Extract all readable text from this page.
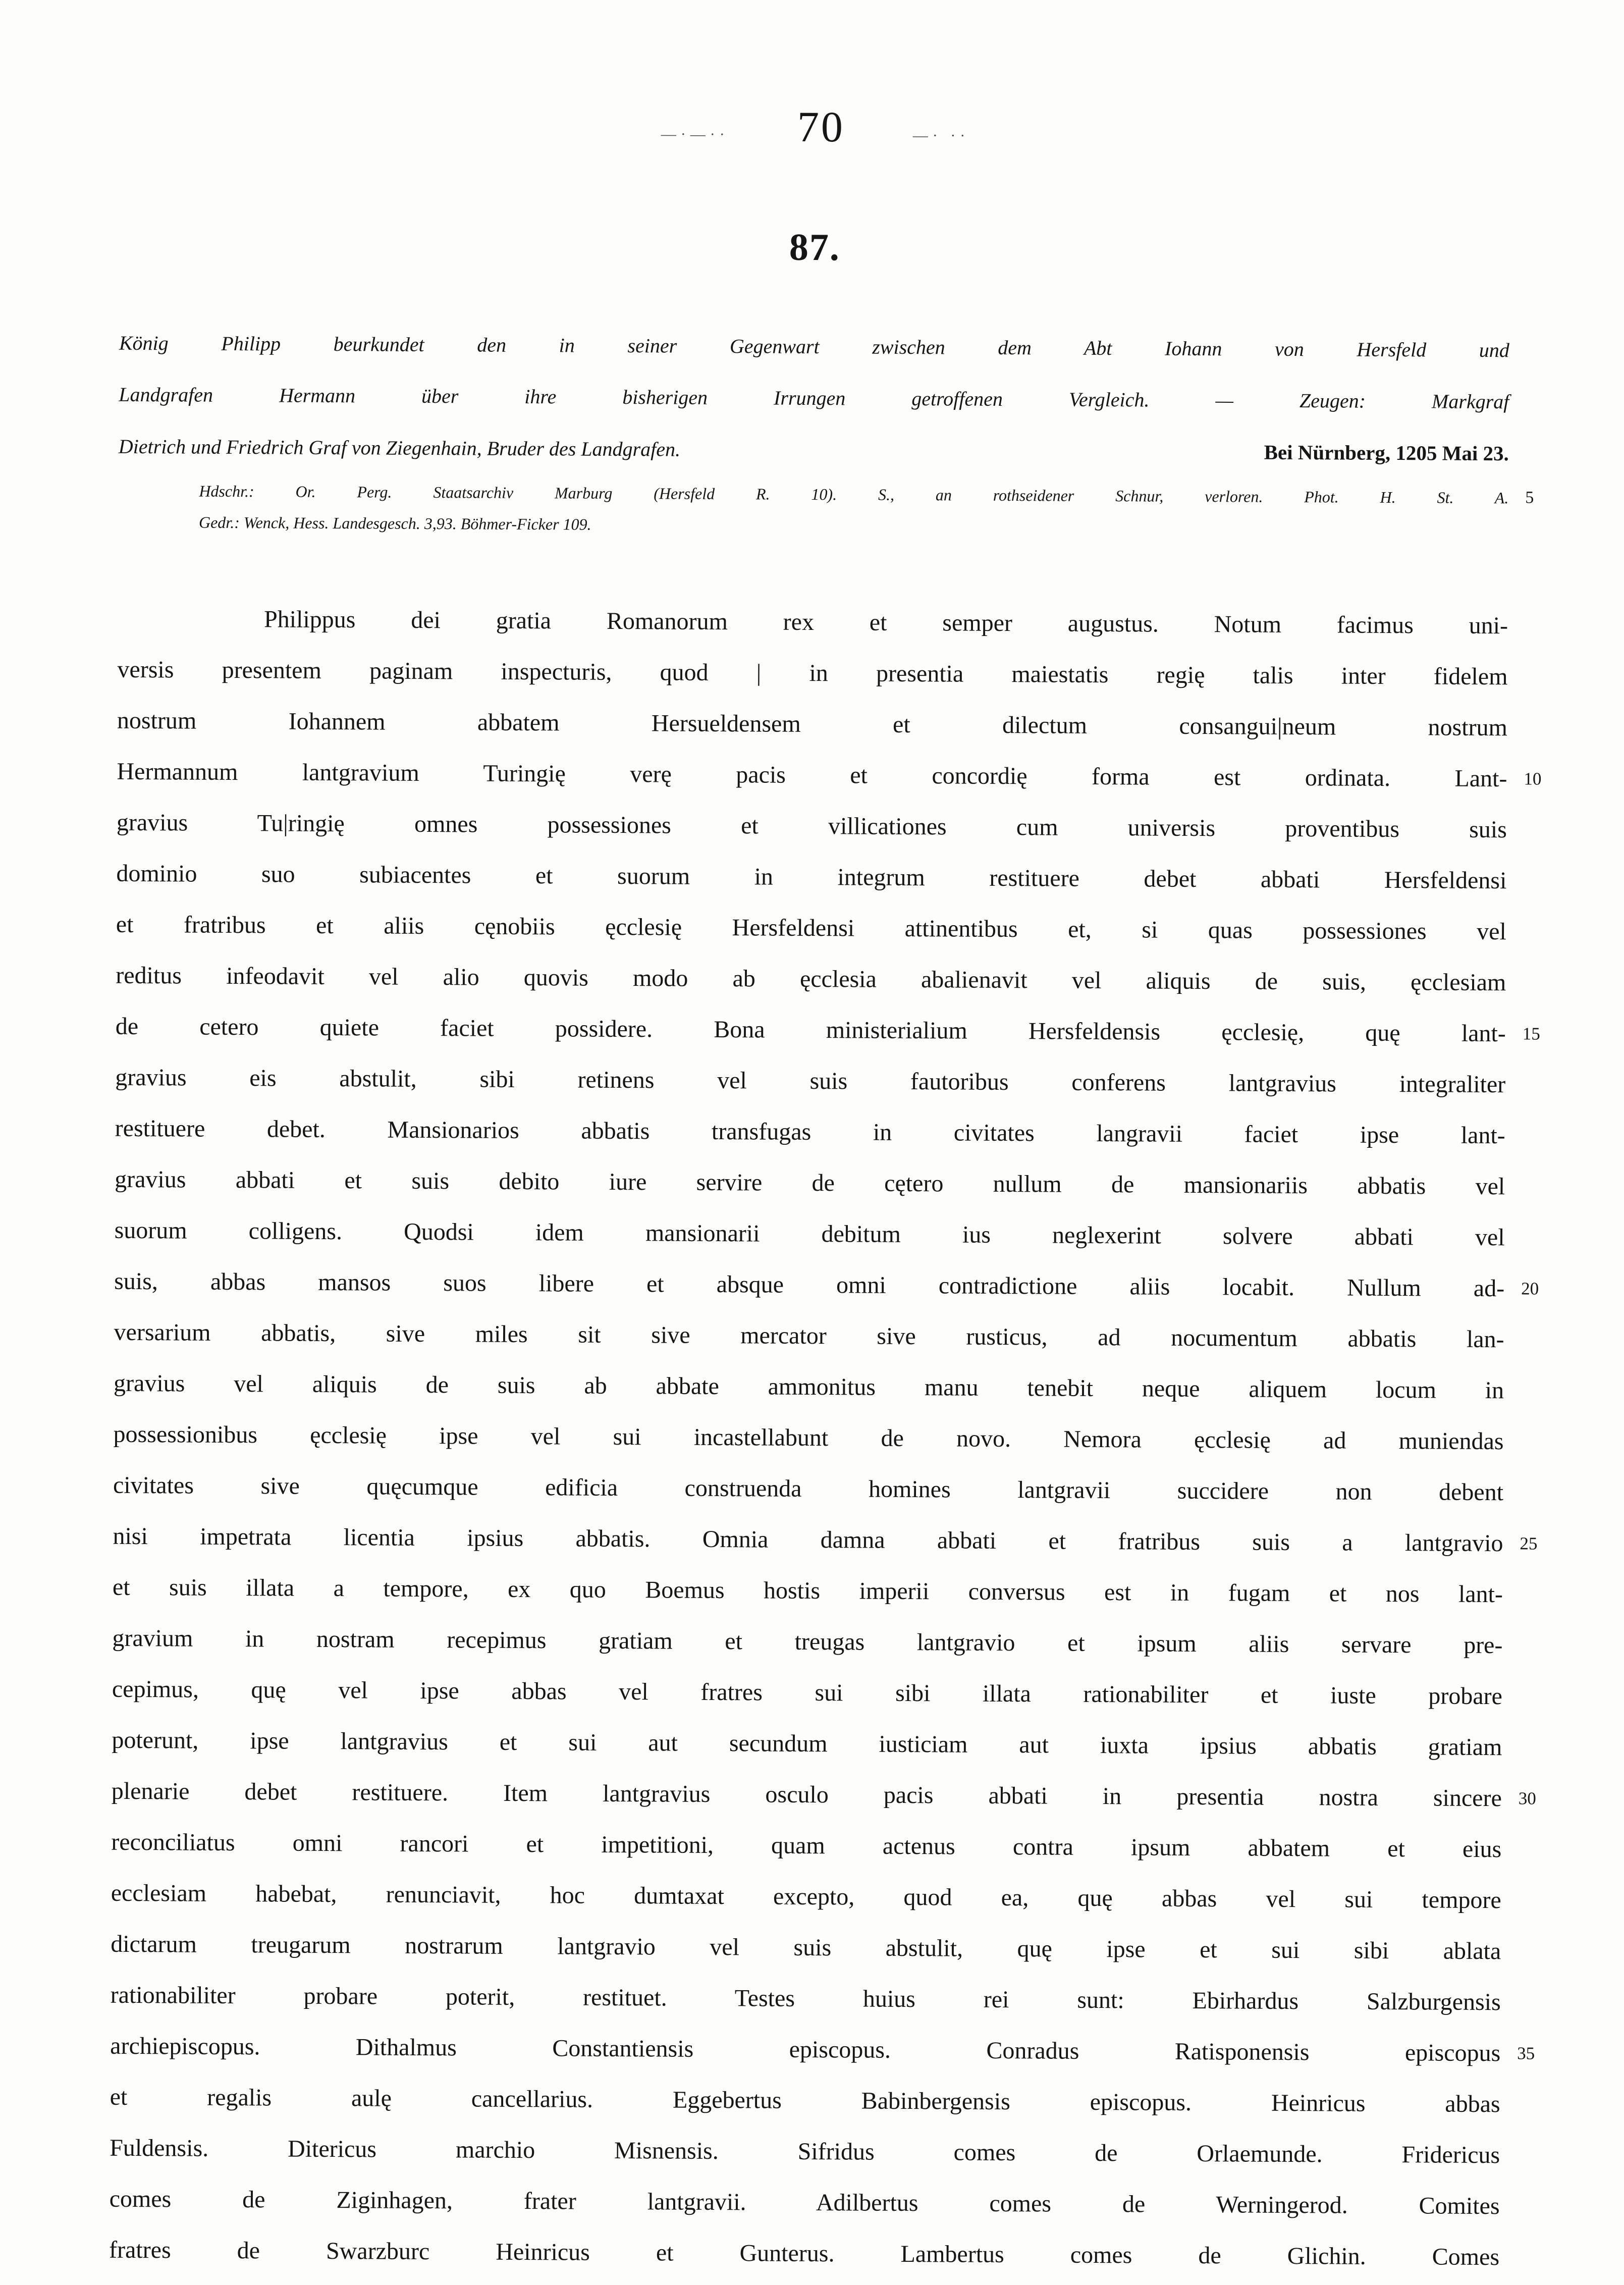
—·—·· 70	—· ··
87.
König Philipp beurkundet den in seiner Gegenwart zwischen dem Abt Iohann von Hersfeld und
Landgrafen Hermann über ihre bisherigen Irrungen getroffenen Vergleich. — Zeugen: Markgraf
Dietrich und Friedrich Graf von Ziegenhain, Bruder des Landgrafen.	Bei Nürnberg, 1205 Mai 23.
Hdschr.: Or. Perg. Staatsarchiv Marburg (Hersfeld R. 10). S., an rothseidener Schnur, verloren. Phot. H. St. A.
Gedr.: Wenck, Hess. Landesgesch. 3,93. Böhmer-Ficker 109.
5
Philippus dei gratia Romanorum rex et semper augustus. Notum facimus uni-
versis presentem paginam inspecturis, quod | in presentia maiestatis regię talis inter fidelem
nostrum Iohannem abbatem Hersueldensem et dilectum consangui|neum nostrum
Hermannum lantgravium Turingię verę pacis et concordię forma est ordinata. Lant-
gravius Tu|ringię omnes possessiones et villicationes cum universis proventibus suis
dominio suo subiacentes et suorum in integrum restituere debet abbati Hersfeldensi
et fratribus et aliis cęnobiis ęcclesię Hersfeldensi attinentibus et, si quas possessiones vel
reditus infeodavit vel alio quovis modo ab ęcclesia abalienavit vel aliquis de suis, ęcclesiam
de cetero quiete faciet possidere. Bona ministerialium Hersfeldensis ęcclesię, quę lant-
gravius eis abstulit, sibi retinens vel suis fautoribus conferens lantgravius integraliter
restituere debet. Mansionarios abbatis transfugas in civitates langravii faciet ipse lant-
gravius abbati et suis debito iure servire de cętero nullum de mansionariis abbatis vel
suorum colligens. Quodsi idem mansionarii debitum ius neglexerint solvere abbati vel
suis, abbas mansos suos libere et absque omni contradictione aliis locabit. Nullum ad-
versarium abbatis, sive miles sit sive mercator sive rusticus, ad nocumentum abbatis lan-
gravius vel aliquis de suis ab abbate ammonitus manu tenebit neque aliquem locum in
possessionibus ęcclesię ipse vel sui incastellabunt de novo. Nemora ęcclesię ad muniendas
civitates sive quęcumque edificia construenda homines lantgravii succidere non debent
nisi impetrata licentia ipsius abbatis. Omnia damna abbati et fratribus suis a lantgravio
et suis illata a tempore, ex quo Boemus hostis imperii conversus est in fugam et nos lant-
gravium in nostram recepimus gratiam et treugas lantgravio et ipsum aliis servare pre-
cepimus, quę vel ipse abbas vel fratres sui sibi illata rationabiliter et iuste probare
poterunt, ipse lantgravius et sui aut secundum iusticiam aut iuxta ipsius abbatis gratiam
plenarie debet restituere. Item lantgravius osculo pacis abbati in presentia nostra sincere
reconciliatus omni rancori et impetitioni, quam actenus contra ipsum abbatem et eius
ecclesiam habebat, renunciavit, hoc dumtaxat excepto, quod ea, quę abbas vel sui tempore
dictarum treugarum nostrarum lantgravio vel suis abstulit, quę ipse et sui sibi ablata
rationabiliter probare poterit, restituet. Testes huius rei sunt: Ebirhardus Salzburgensis
archiepiscopus. Dithalmus Constantiensis episcopus. Conradus Ratisponensis episcopus
et regalis aulę cancellarius. Eggebertus Babinbergensis episcopus. Heinricus abbas
Fuldensis. Ditericus marchio Misnensis. Sifridus comes de Orlaemunde. Fridericus
comes de Ziginhagen, frater lantgravii. Adilbertus comes de Werningerod. Comites
fratres de Swarzburc Heinricus et Gunterus. Lambertus comes de Glichin. Comes
10
15
20
25
30
35
